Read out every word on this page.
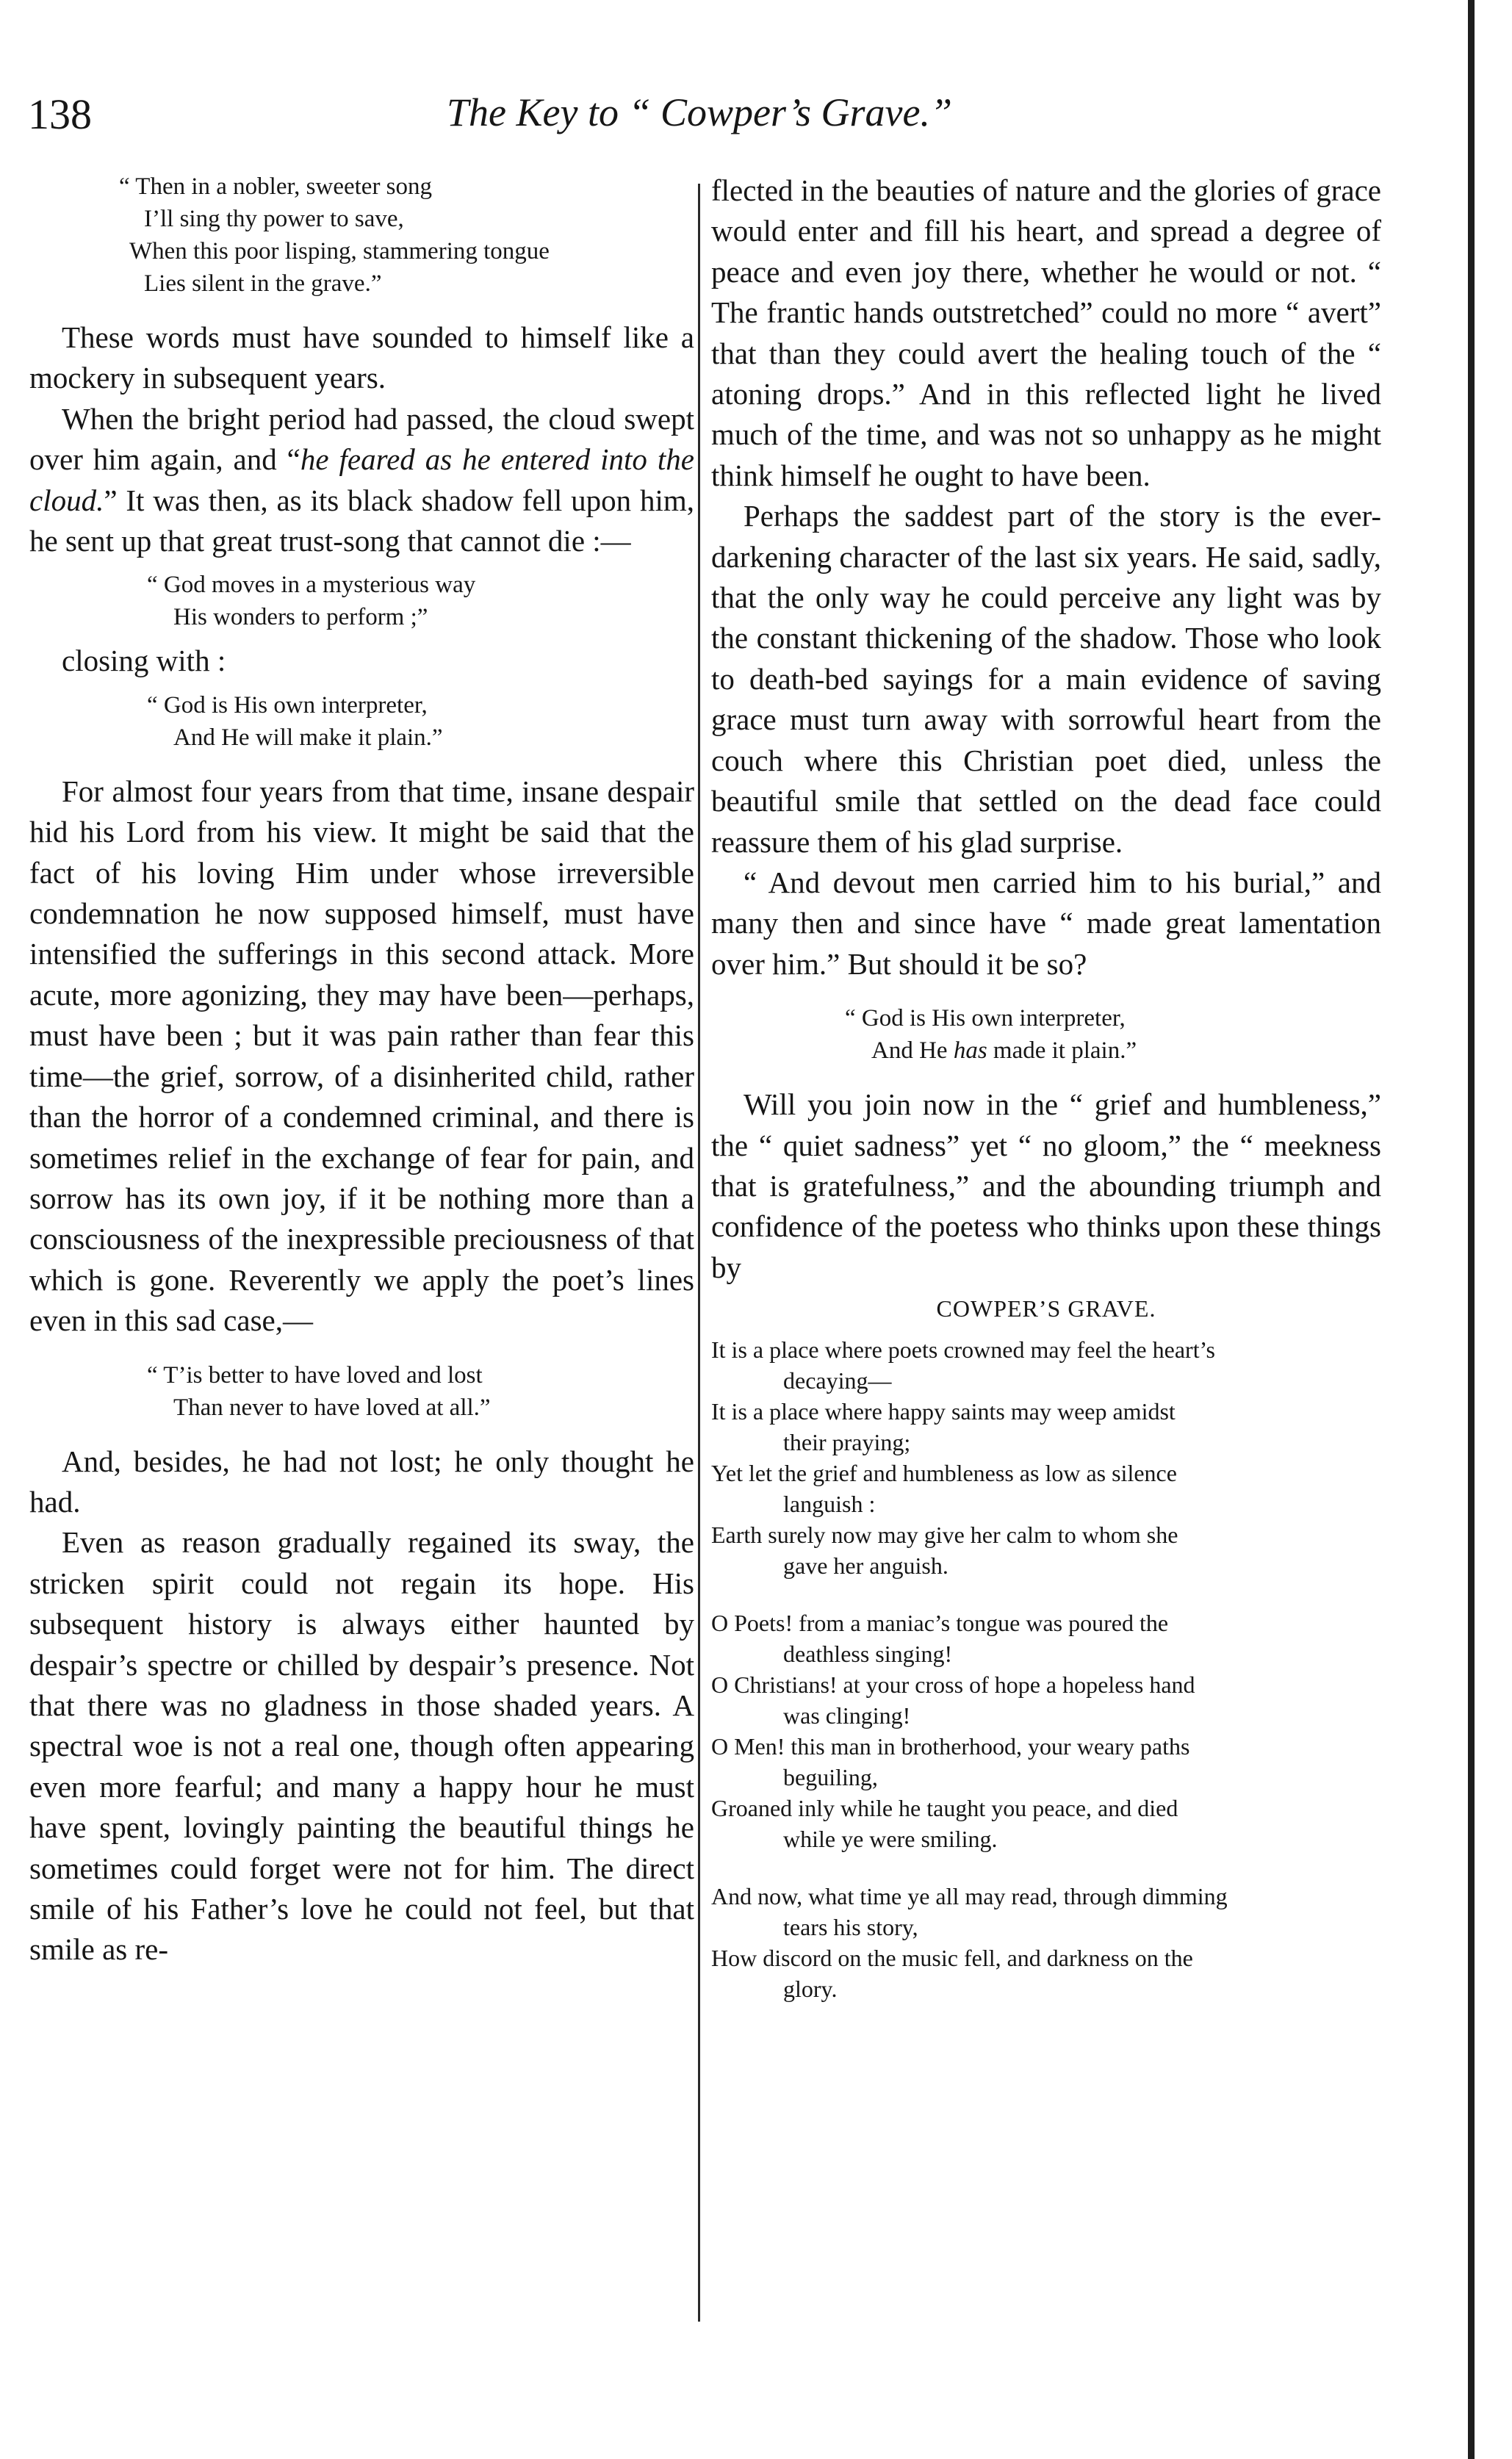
138	The Key to “ Cowper’s Grave.”
“ Then in a nobler, sweeter song
I’ll sing thy power to save,
When this poor lisping, stammering tongue
Lies silent in the grave.”

These words must have sounded to himself like a mockery in subsequent years.

When the bright period had passed, the cloud swept over him again, and “he feared as he entered into the cloud.” It was then, as its black shadow fell upon him, he sent up that great trust-song that cannot die :—

“ God moves in a mysterious way
His wonders to perform ;”

closing with :

“ God is His own interpreter,
And He will make it plain.”

For almost four years from that time, insane despair hid his Lord from his view. It might be said that the fact of his loving Him under whose irreversible condemnation he now supposed himself, must have intensified the sufferings in this second attack. More acute, more agonizing, they may have been—perhaps, must have been ; but it was pain rather than fear this time—the grief, sorrow, of a disinherited child, rather than the horror of a condemned criminal, and there is sometimes relief in the exchange of fear for pain, and sorrow has its own joy, if it be nothing more than a consciousness of the inexpressible preciousness of that which is gone. Reverently we apply the poet’s lines even in this sad case,—

“ T’is better to have loved and lost
Than never to have loved at all.”

And, besides, he had not lost; he only thought he had.

Even as reason gradually regained its sway, the stricken spirit could not regain its hope. His subsequent history is always either haunted by despair’s spectre or chilled by despair’s presence. Not that there was no gladness in those shaded years. A spectral woe is not a real one, though often appearing even more fearful; and many a happy hour he must have spent, lovingly painting the beautiful things he sometimes could forget were not for him. The direct smile of his Father’s love he could not feel, but that smile as re-

flected in the beauties of nature and the glories of grace would enter and fill his heart, and spread a degree of peace and even joy there, whether he would or not. “ The frantic hands outstretched” could no more “ avert” that than they could avert the healing touch of the “ atoning drops.” And in this reflected light he lived much of the time, and was not so unhappy as he might think himself he ought to have been.

Perhaps the saddest part of the story is the ever-darkening character of the last six years. He said, sadly, that the only way he could perceive any light was by the constant thickening of the shadow. Those who look to death-bed sayings for a main evidence of saving grace must turn away with sorrowful heart from the couch where this Christian poet died, unless the beautiful smile that settled on the dead face could reassure them of his glad surprise.

“ And devout men carried him to his burial,” and many then and since have “ made great lamentation over him.” But should it be so?

“ God is His own interpreter,
And He has made it plain.”

Will you join now in the “ grief and humbleness,” the “ quiet sadness” yet “ no gloom,” the “ meekness that is gratefulness,” and the abounding triumph and confidence of the poetess who thinks upon these things by

COWPER’S GRAVE.
It is a place where poets crowned may feel the heart’s
decaying—
It is a place where happy saints may weep amidst
their praying;
Yet let the grief and humbleness as low as silence
languish :
Earth surely now may give her calm to whom she
gave her anguish.
O Poets! from a maniac’s tongue was poured the
deathless singing!
O Christians! at your cross of hope a hopeless hand
was clinging!
O Men! this man in brotherhood, your weary paths
beguiling,
Groaned inly while he taught you peace, and died
while ye were smiling.
And now, what time ye all may read, through dimming
tears his story,
How discord on the music fell, and darkness on the
glory.
